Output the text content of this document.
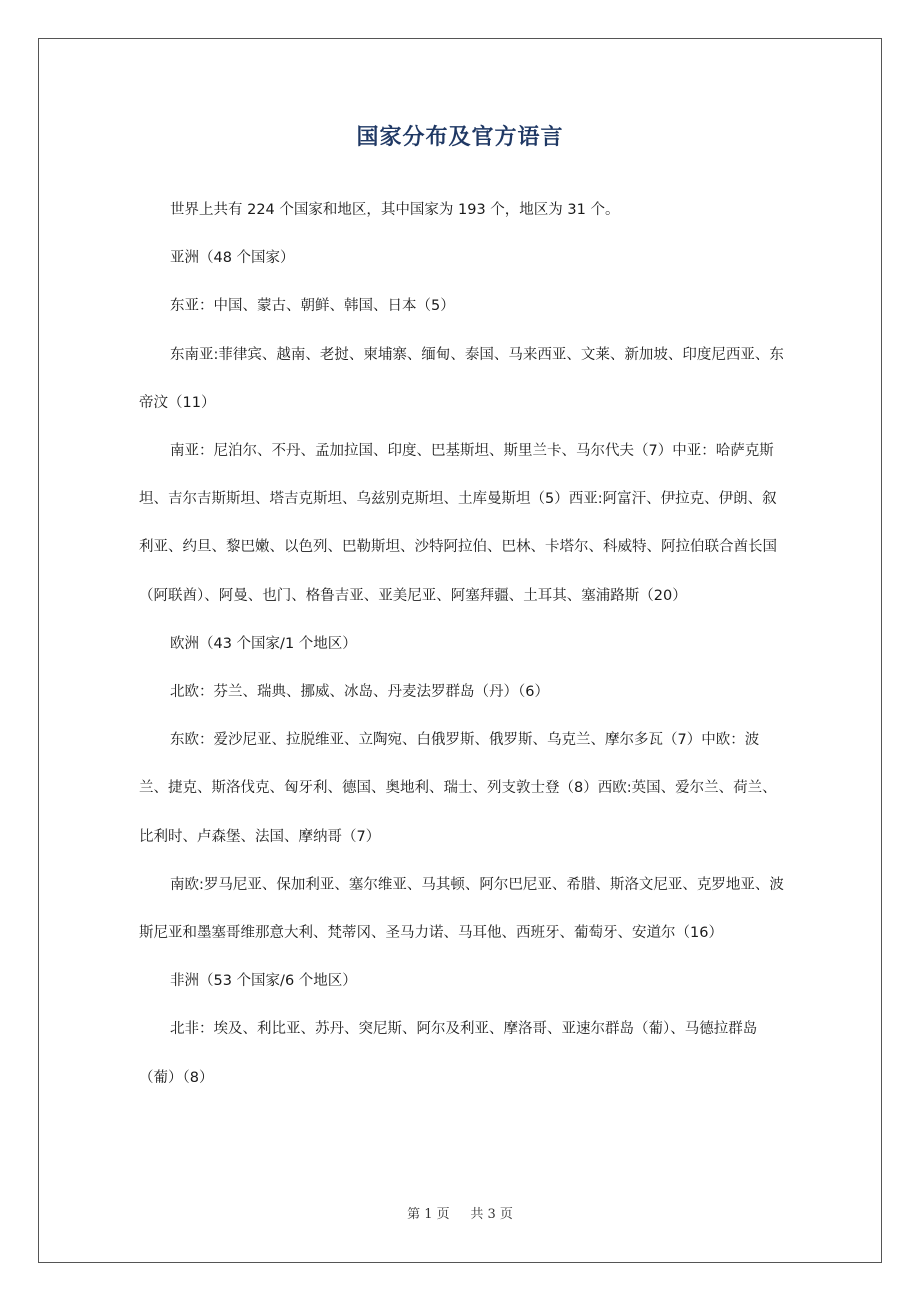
国家分布及官方语言

世界上共有 224 个国家和地区，其中国家为 193 个，地区为 31 个。

亚洲（48 个国家）

东亚：中国、蒙古、朝鲜、韩国、日本（5）

东南亚:菲律宾、越南、老挝、柬埔寨、缅甸、泰国、马来西亚、文莱、新加坡、印度尼西亚、东帝汶（11）

南亚：尼泊尔、不丹、孟加拉国、印度、巴基斯坦、斯里兰卡、马尔代夫（7）中亚：哈萨克斯坦、吉尔吉斯斯坦、塔吉克斯坦、乌兹别克斯坦、土库曼斯坦（5）西亚:阿富汗、伊拉克、伊朗、叙利亚、约旦、黎巴嫩、以色列、巴勒斯坦、沙特阿拉伯、巴林、卡塔尔、科威特、阿拉伯联合酋长国（阿联酋）、阿曼、也门、格鲁吉亚、亚美尼亚、阿塞拜疆、土耳其、塞浦路斯（20）

欧洲（43 个国家/1 个地区）

北欧：芬兰、瑞典、挪威、冰岛、丹麦法罗群岛（丹）（6）

东欧：爱沙尼亚、拉脱维亚、立陶宛、白俄罗斯、俄罗斯、乌克兰、摩尔多瓦（7）中欧：波兰、捷克、斯洛伐克、匈牙利、德国、奥地利、瑞士、列支敦士登（8）西欧:英国、爱尔兰、荷兰、比利时、卢森堡、法国、摩纳哥（7）

南欧:罗马尼亚、保加利亚、塞尔维亚、马其顿、阿尔巴尼亚、希腊、斯洛文尼亚、克罗地亚、波斯尼亚和墨塞哥维那意大利、梵蒂冈、圣马力诺、马耳他、西班牙、葡萄牙、安道尔（16）

非洲（53 个国家/6 个地区）

北非：埃及、利比亚、苏丹、突尼斯、阿尔及利亚、摩洛哥、亚速尔群岛（葡）、马德拉群岛（葡）（8）

第 1 页 共 3 页
